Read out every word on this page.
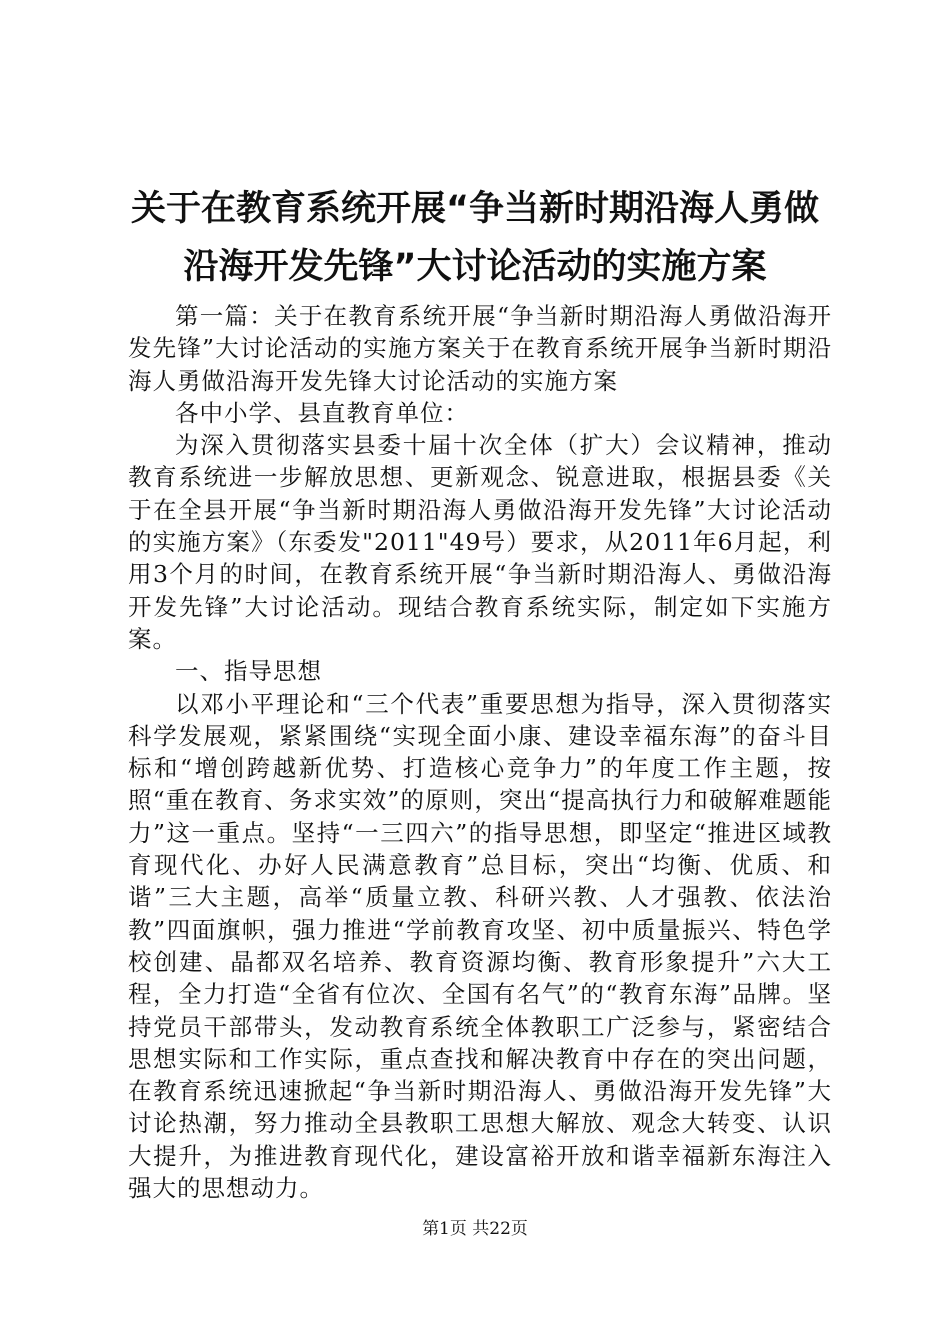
关于在教育系统开展“争当新时期沿海人勇做
沿海开发先锋”大讨论活动的实施方案

第一篇：关于在教育系统开展“争当新时期沿海人勇做沿海开发先锋”大讨论活动的实施方案关于在教育系统开展争当新时期沿海人勇做沿海开发先锋大讨论活动的实施方案

各中小学、县直教育单位：

为深入贯彻落实县委十届十次全体（扩大）会议精神，推动教育系统进一步解放思想、更新观念、锐意进取，根据县委《关于在全县开展“争当新时期沿海人勇做沿海开发先锋”大讨论活动的实施方案》（东委发"2011"49号）要求，从2011年6月起，利用3个月的时间，在教育系统开展“争当新时期沿海人、勇做沿海开发先锋”大讨论活动。现结合教育系统实际，制定如下实施方案。

一、指导思想

以邓小平理论和“三个代表”重要思想为指导，深入贯彻落实科学发展观，紧紧围绕“实现全面小康、建设幸福东海”的奋斗目标和“增创跨越新优势、打造核心竞争力”的年度工作主题，按照“重在教育、务求实效”的原则，突出“提高执行力和破解难题能力”这一重点。坚持“一三四六”的指导思想，即坚定“推进区域教育现代化、办好人民满意教育”总目标，突出“均衡、优质、和谐”三大主题，高举“质量立教、科研兴教、人才强教、依法治教”四面旗帜，强力推进“学前教育攻坚、初中质量振兴、特色学校创建、晶都双名培养、教育资源均衡、教育形象提升”六大工程，全力打造“全省有位次、全国有名气”的“教育东海”品牌。坚持党员干部带头，发动教育系统全体教职工广泛参与，紧密结合思想实际和工作实际，重点查找和解决教育中存在的突出问题，在教育系统迅速掀起“争当新时期沿海人、勇做沿海开发先锋”大讨论热潮，努力推动全县教职工思想大解放、观念大转变、认识大提升，为推进教育现代化，建设富裕开放和谐幸福新东海注入强大的思想动力。

第1页 共22页
